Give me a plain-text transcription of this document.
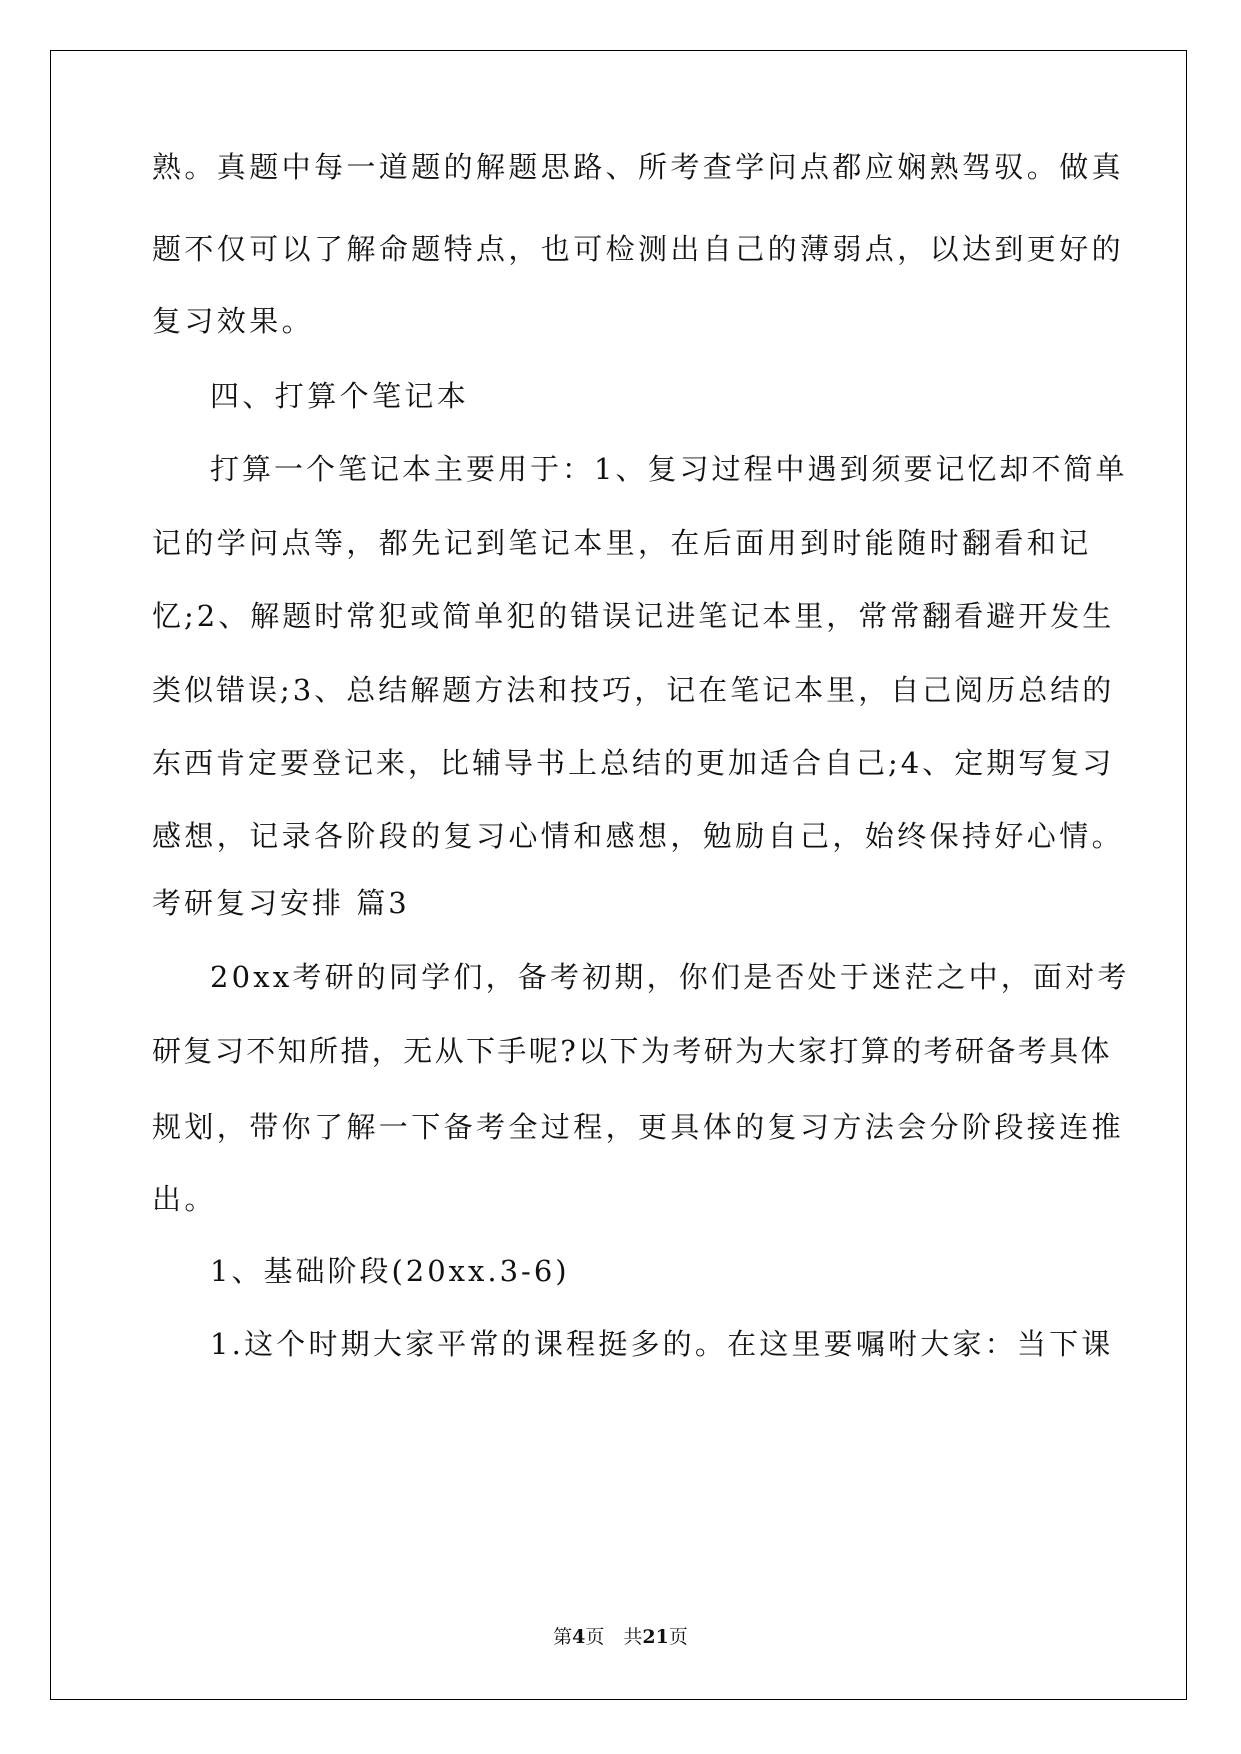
熟。真题中每一道题的解题思路、所考查学问点都应娴熟驾驭。做真
题不仅可以了解命题特点，也可检测出自己的薄弱点，以达到更好的
复习效果。
四、打算个笔记本
打算一个笔记本主要用于：1、复习过程中遇到须要记忆却不简单
记的学问点等，都先记到笔记本里，在后面用到时能随时翻看和记
忆;2、解题时常犯或简单犯的错误记进笔记本里，常常翻看避开发生
类似错误;3、总结解题方法和技巧，记在笔记本里，自己阅历总结的
东西肯定要登记来，比辅导书上总结的更加适合自己;4、定期写复习
感想，记录各阶段的复习心情和感想，勉励自己，始终保持好心情。
考研复习安排 篇3
20xx考研的同学们，备考初期，你们是否处于迷茫之中，面对考
研复习不知所措，无从下手呢?以下为考研为大家打算的考研备考具体
规划，带你了解一下备考全过程，更具体的复习方法会分阶段接连推
出。
1、基础阶段(20xx.3-6)
1.这个时期大家平常的课程挺多的。在这里要嘱咐大家：当下课
第4页　共21页
